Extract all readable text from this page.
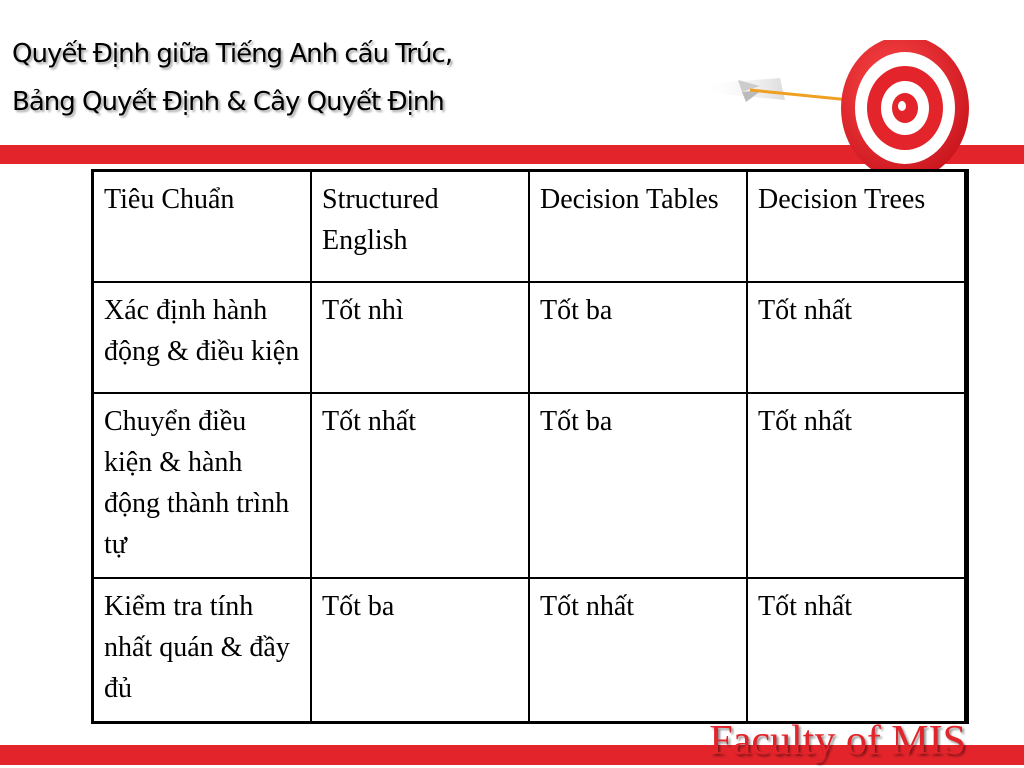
Quyết Định giữa Tiếng Anh cấu Trúc,
Bảng Quyết Định & Cây Quyết Định
Tiêu Chuẩn	Structured English	Decision Tables	Decision Trees
Xác định hành động & điều kiện	Tốt nhì	Tốt ba	Tốt nhất
Chuyển điều kiện & hành động thành trình tự	Tốt nhất	Tốt ba	Tốt nhất
Kiểm tra tính nhất quán & đầy đủ	Tốt ba	Tốt nhất	Tốt nhất
Faculty of MIS
